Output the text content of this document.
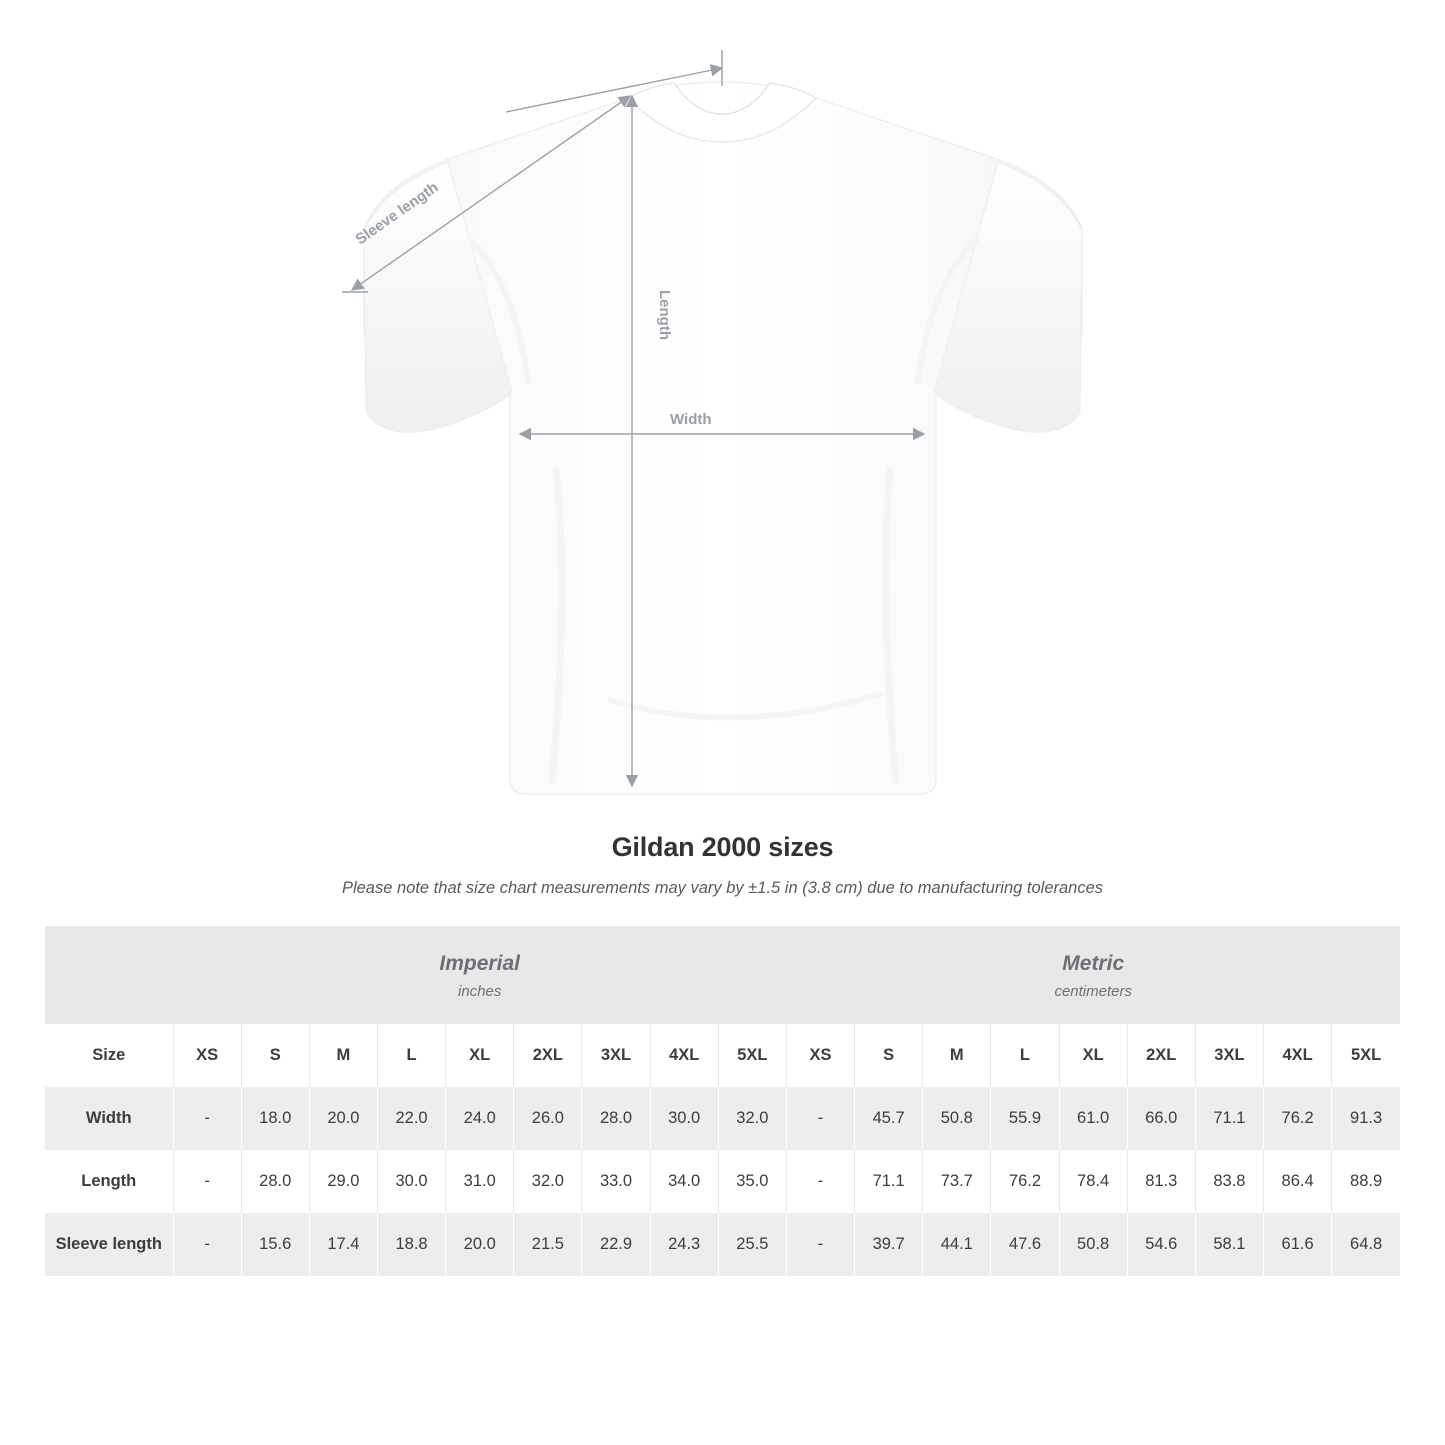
Sleeve length
Length
Width
Gildan 2000 sizes
Please note that size chart measurements may vary by ±1.5 in (3.8 cm) due to manufacturing tolerances

	Imperial
inches									Metric
centimeters								

Size	XS	S	M	L	XL	2XL	3XL	4XL	5XL	XS	S	M	L	XL	2XL	3XL	4XL	5XL
Width	-	18.0	20.0	22.0	24.0	26.0	28.0	30.0	32.0	-	45.7	50.8	55.9	61.0	66.0	71.1	76.2	91.3
Length	-	28.0	29.0	30.0	31.0	32.0	33.0	34.0	35.0	-	71.1	73.7	76.2	78.4	81.3	83.8	86.4	88.9
Sleeve length	-	15.6	17.4	18.8	20.0	21.5	22.9	24.3	25.5	-	39.7	44.1	47.6	50.8	54.6	58.1	61.6	64.8
